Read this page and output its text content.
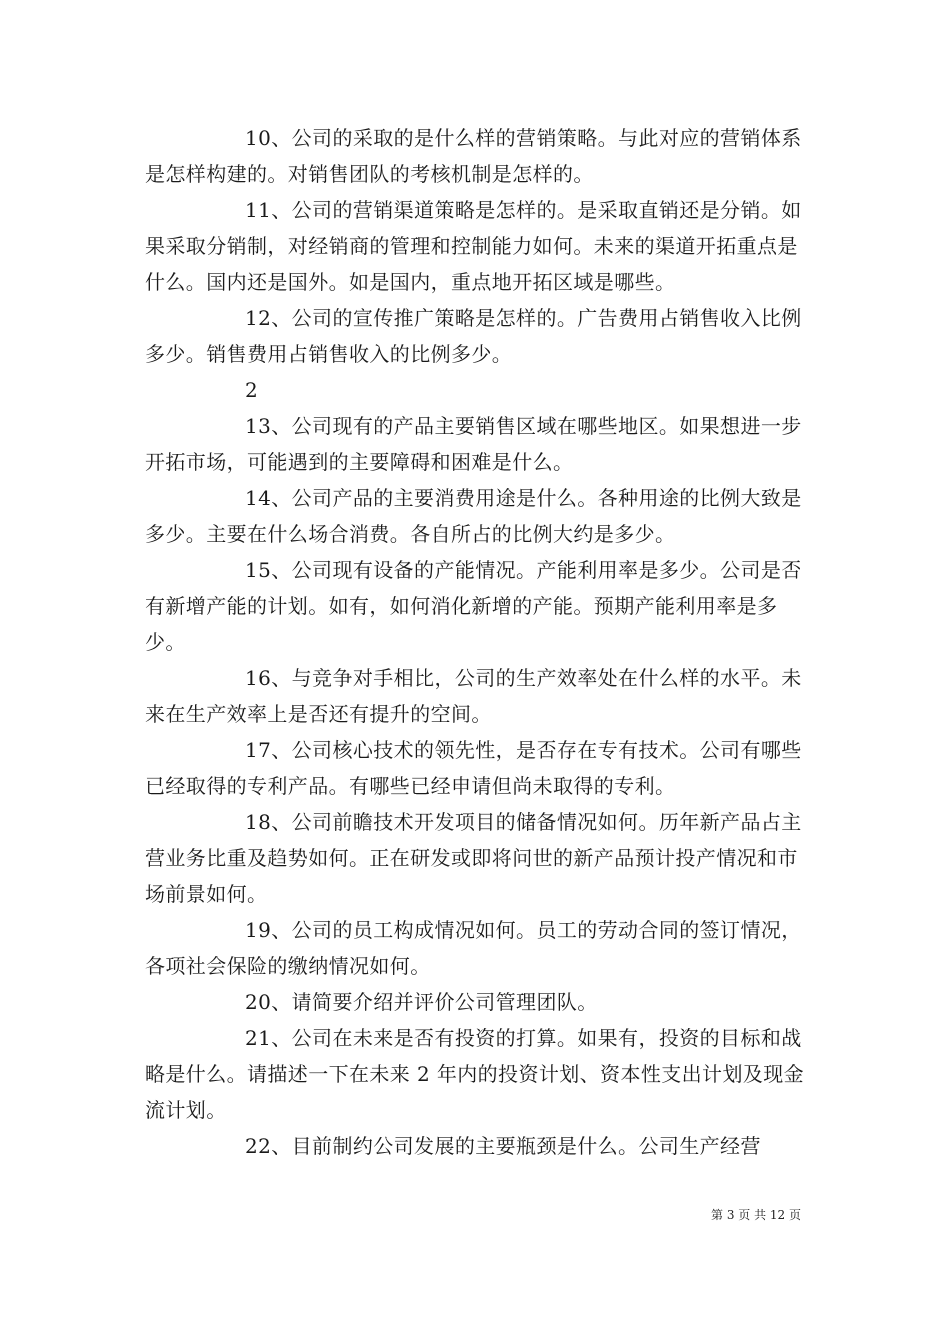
10、公司的采取的是什么样的营销策略。与此对应的营销体系是怎样构建的。对销售团队的考核机制是怎样的。

11、公司的营销渠道策略是怎样的。是采取直销还是分销。如果采取分销制，对经销商的管理和控制能力如何。未来的渠道开拓重点是什么。国内还是国外。如是国内，重点地开拓区域是哪些。

12、公司的宣传推广策略是怎样的。广告费用占销售收入比例多少。销售费用占销售收入的比例多少。

2

13、公司现有的产品主要销售区域在哪些地区。如果想进一步开拓市场，可能遇到的主要障碍和困难是什么。

14、公司产品的主要消费用途是什么。各种用途的比例大致是多少。主要在什么场合消费。各自所占的比例大约是多少。

15、公司现有设备的产能情况。产能利用率是多少。公司是否有新增产能的计划。如有，如何消化新增的产能。预期产能利用率是多少。

16、与竞争对手相比，公司的生产效率处在什么样的水平。未来在生产效率上是否还有提升的空间。

17、公司核心技术的领先性，是否存在专有技术。公司有哪些已经取得的专利产品。有哪些已经申请但尚未取得的专利。

18、公司前瞻技术开发项目的储备情况如何。历年新产品占主营业务比重及趋势如何。正在研发或即将问世的新产品预计投产情况和市场前景如何。

19、公司的员工构成情况如何。员工的劳动合同的签订情况，各项社会保险的缴纳情况如何。

20、请简要介绍并评价公司管理团队。

21、公司在未来是否有投资的打算。如果有，投资的目标和战略是什么。请描述一下在未来 2 年内的投资计划、资本性支出计划及现金流计划。

22、目前制约公司发展的主要瓶颈是什么。公司生产经营

第 3 页 共 12 页
